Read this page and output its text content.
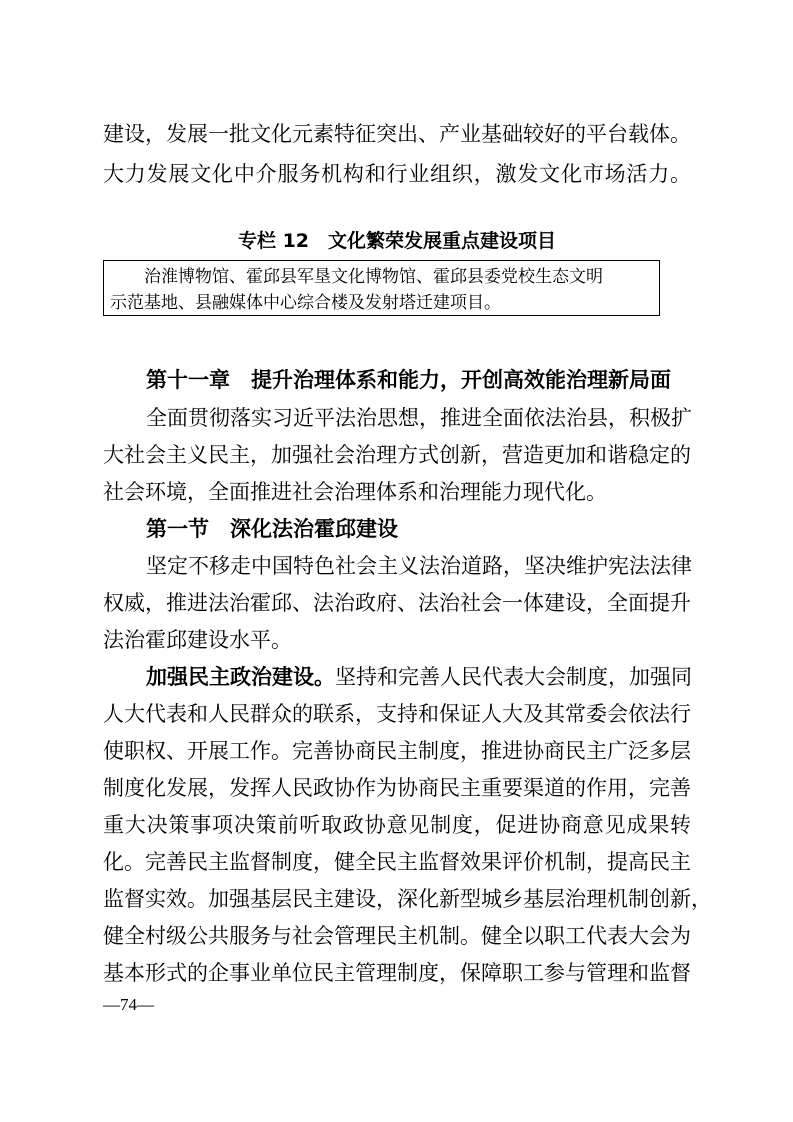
建设，发展一批文化元素特征突出、产业基础较好的平台载体。
大力发展文化中介服务机构和行业组织，激发文化市场活力。
专栏 12　文化繁荣发展重点建设项目
治淮博物馆、霍邱县军垦文化博物馆、霍邱县委党校生态文明
示范基地、县融媒体中心综合楼及发射塔迁建项目。
第十一章　提升治理体系和能力，开创高效能治理新局面
全面贯彻落实习近平法治思想，推进全面依法治县，积极扩
大社会主义民主，加强社会治理方式创新，营造更加和谐稳定的
社会环境，全面推进社会治理体系和治理能力现代化。
第一节　深化法治霍邱建设
坚定不移走中国特色社会主义法治道路，坚决维护宪法法律
权威，推进法治霍邱、法治政府、法治社会一体建设，全面提升
法治霍邱建设水平。
加强民主政治建设。坚持和完善人民代表大会制度，加强同
人大代表和人民群众的联系，支持和保证人大及其常委会依法行
使职权、开展工作。完善协商民主制度，推进协商民主广泛多层
制度化发展，发挥人民政协作为协商民主重要渠道的作用，完善
重大决策事项决策前听取政协意见制度，促进协商意见成果转
化。完善民主监督制度，健全民主监督效果评价机制，提高民主
监督实效。加强基层民主建设，深化新型城乡基层治理机制创新，
健全村级公共服务与社会管理民主机制。健全以职工代表大会为
基本形式的企事业单位民主管理制度，保障职工参与管理和监督
—74—
